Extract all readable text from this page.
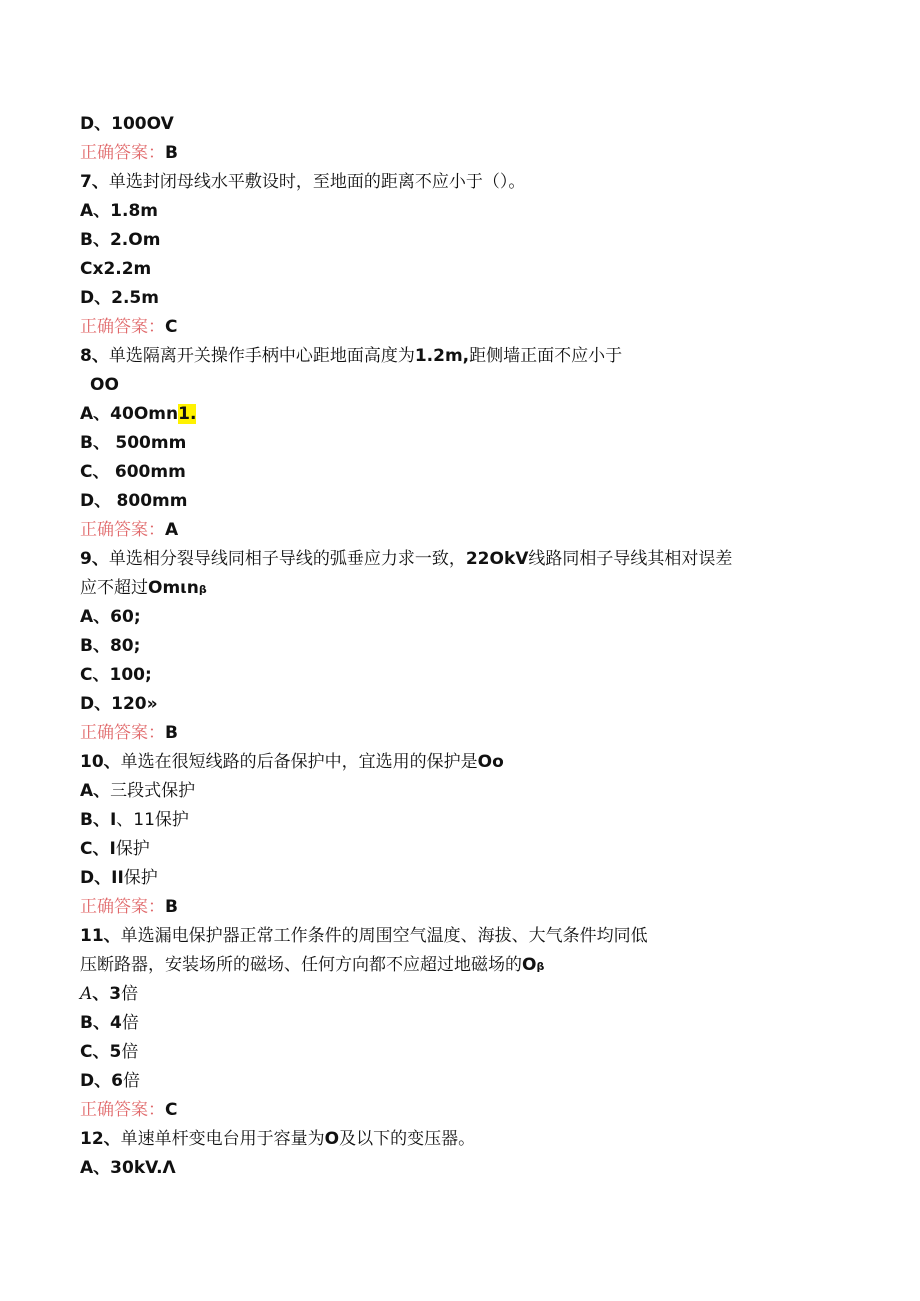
D、100OV
正确答案：B
7、单选封闭母线水平敷设时，至地面的距离不应小于（）。
A、1.8m
B、2.Om
Cx2.2m
D、2.5m
正确答案：C
8、单选隔离开关操作手柄中心距地面高度为1.2m,距侧墙正面不应小于
OO
A、40Omn1.
B、 500mm
C、 600mm
D、 800mm
正确答案：A
9、单选相分裂导线同相子导线的弧垂应力求一致，22OkV线路同相子导线其相对误差
应不超过Omιnβ
A、60;
B、80;
C、100;
D、120»
正确答案：B
10、单选在很短线路的后备保护中，宜选用的保护是Oo
A、三段式保护
B、I、11保护
C、I保护
D、II保护
正确答案：B
11、单选漏电保护器正常工作条件的周围空气温度、海拔、大气条件均同低
压断路器，安装场所的磁场、任何方向都不应超过地磁场的Oβ
A、3倍
B、4倍
C、5倍
D、6倍
正确答案：C
12、单速单杆变电台用于容量为O及以下的变压器。
A、30kV.Λ
